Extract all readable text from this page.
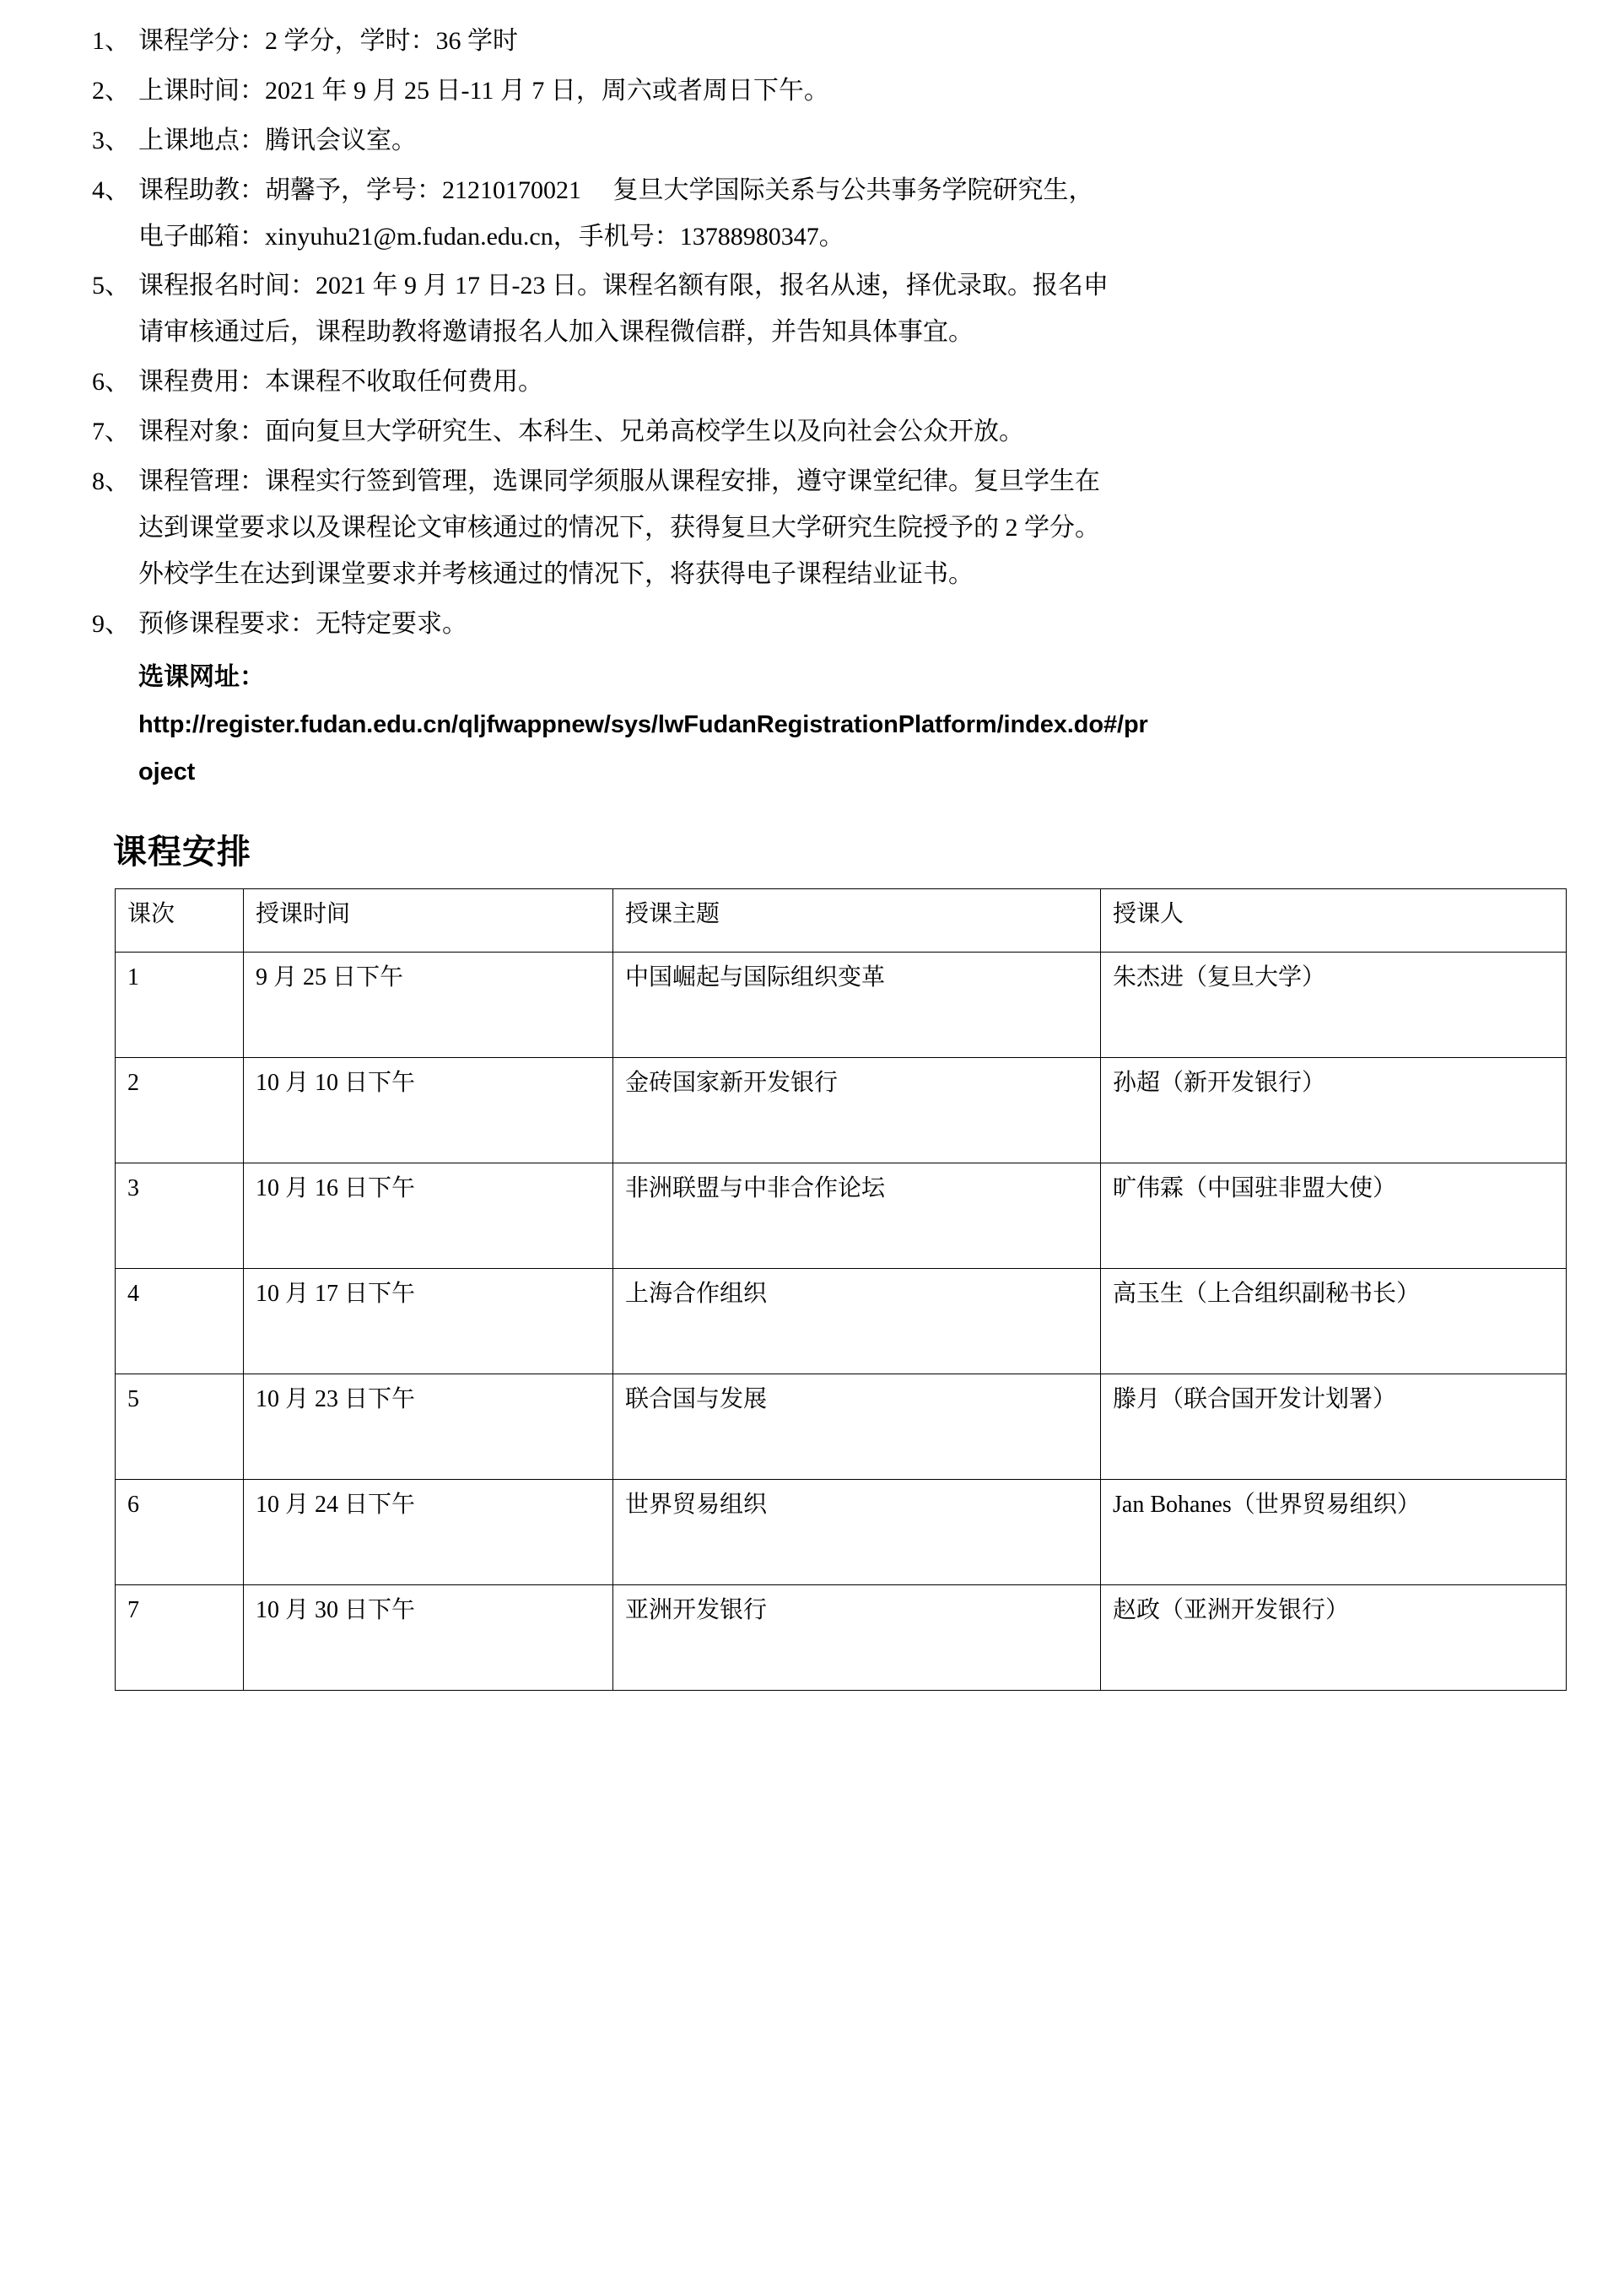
1、 课程学分：2 学分，学时：36 学时
2、 上课时间：2021 年 9 月 25 日-11 月 7 日，周六或者周日下午。
3、 上课地点：腾讯会议室。
4、 课程助教：胡馨予，学号：21210170021  复旦大学国际关系与公共事务学院研究生，
电子邮箱：xinyuhu21@m.fudan.edu.cn，手机号：13788980347。
5、 课程报名时间：2021 年 9 月 17 日-23 日。课程名额有限，报名从速，择优录取。报名申
请审核通过后，课程助教将邀请报名人加入课程微信群，并告知具体事宜。
6、 课程费用：本课程不收取任何费用。
7、 课程对象：面向复旦大学研究生、本科生、兄弟高校学生以及向社会公众开放。
8、 课程管理：课程实行签到管理，选课同学须服从课程安排，遵守课堂纪律。复旦学生在
达到课堂要求以及课程论文审核通过的情况下，获得复旦大学研究生院授予的 2 学分。
外校学生在达到课堂要求并考核通过的情况下，将获得电子课程结业证书。
9、 预修课程要求：无特定要求。
选课网址：
http://register.fudan.edu.cn/qljfwappnew/sys/lwFudanRegistrationPlatform/index.do#/pr
oject
课程安排
课次	授课时间	授课主题	授课人
1	9 月 25 日下午	中国崛起与国际组织变革	朱杰进（复旦大学）
2	10 月 10 日下午	金砖国家新开发银行	孙超（新开发银行）
3	10 月 16 日下午	非洲联盟与中非合作论坛	旷伟霖（中国驻非盟大使）
4	10 月 17 日下午	上海合作组织	高玉生（上合组织副秘书长）
5	10 月 23 日下午	联合国与发展	滕月（联合国开发计划署）
6	10 月 24 日下午	世界贸易组织	Jan Bohanes（世界贸易组织）
7	10 月 30 日下午	亚洲开发银行	赵政（亚洲开发银行）
